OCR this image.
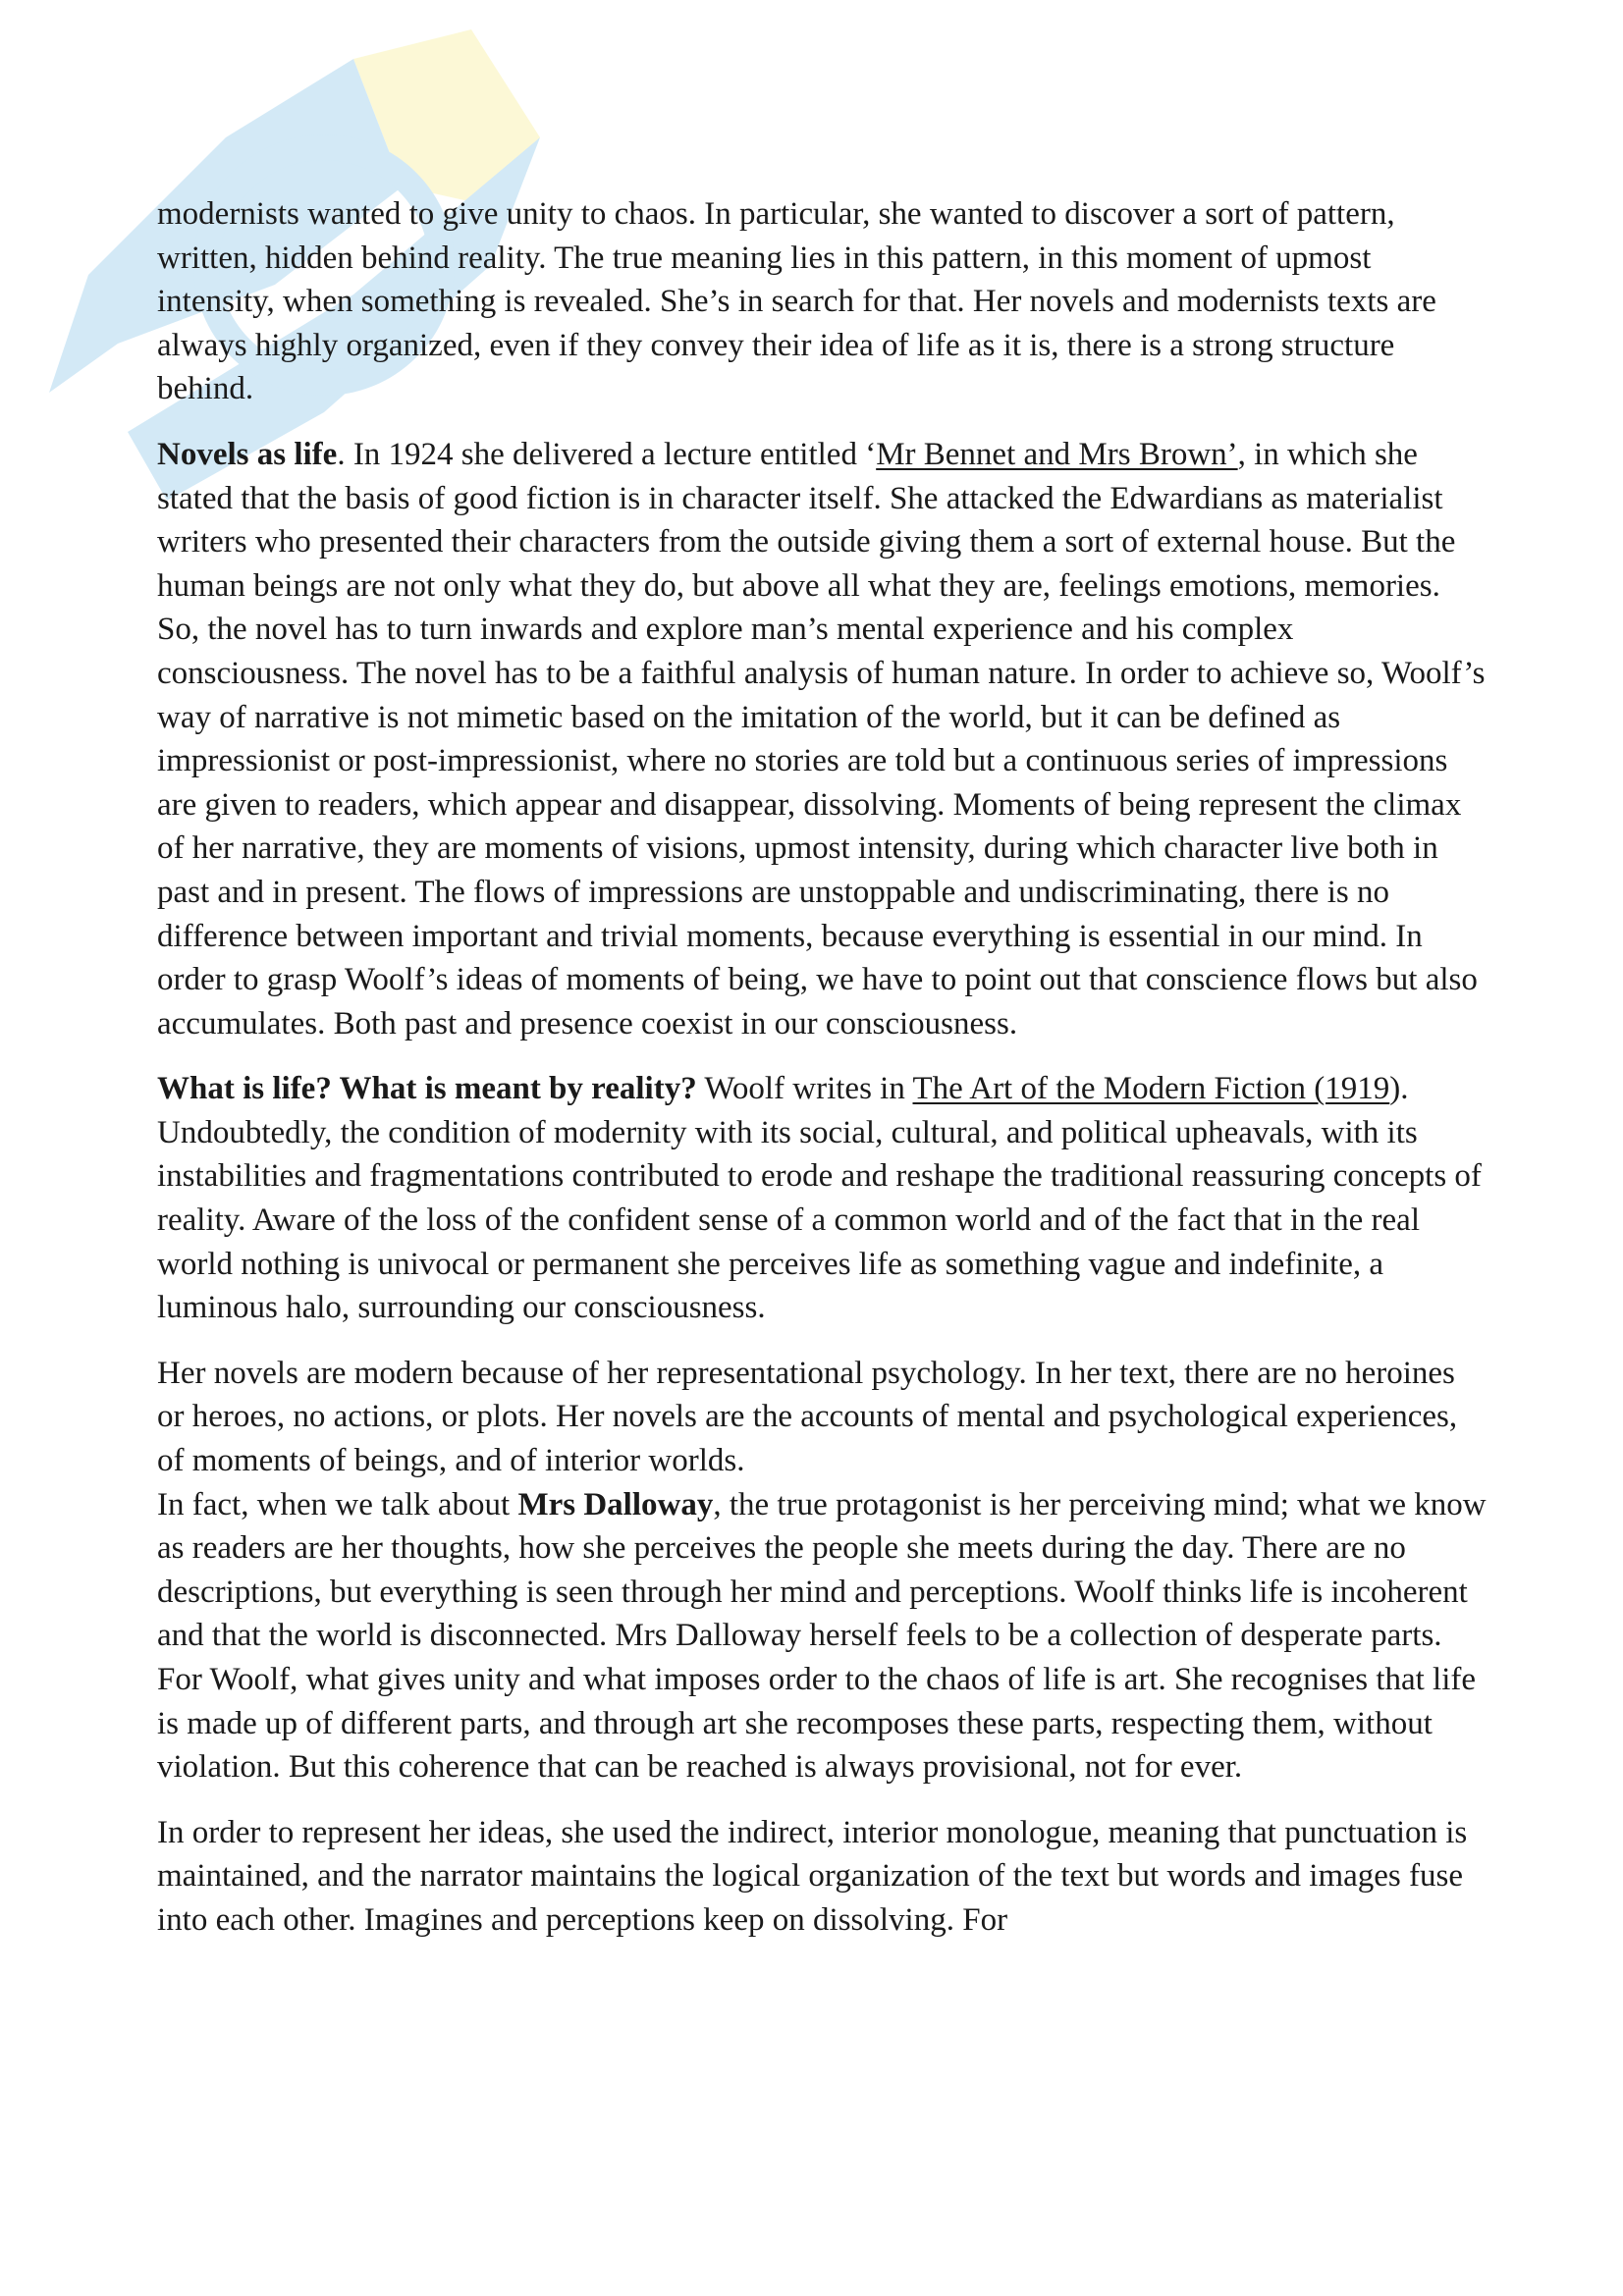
modernists wanted to give unity to chaos. In particular, she wanted to discover a sort of pattern, written, hidden behind reality. The true meaning lies in this pattern, in this moment of upmost intensity, when something is revealed. She’s in search for that. Her novels and modernists texts are always highly organized, even if they convey their idea of life as it is, there is a strong structure behind.

Novels as life. In 1924 she delivered a lecture entitled ‘Mr Bennet and Mrs Brown’, in which she stated that the basis of good fiction is in character itself. She attacked the Edwardians as materialist writers who presented their characters from the outside giving them a sort of external house. But the human beings are not only what they do, but above all what they are, feelings emotions, memories. So, the novel has to turn inwards and explore man’s mental experience and his complex consciousness. The novel has to be a faithful analysis of human nature. In order to achieve so, Woolf’s way of narrative is not mimetic based on the imitation of the world, but it can be defined as impressionist or post-impressionist, where no stories are told but a continuous series of impressions are given to readers, which appear and disappear, dissolving. Moments of being represent the climax of her narrative, they are moments of visions, upmost intensity, during which character live both in past and in present. The flows of impressions are unstoppable and undiscriminating, there is no difference between important and trivial moments, because everything is essential in our mind. In order to grasp Woolf’s ideas of moments of being, we have to point out that conscience flows but also accumulates. Both past and presence coexist in our consciousness.

What is life? What is meant by reality? Woolf writes in The Art of the Modern Fiction (1919). Undoubtedly, the condition of modernity with its social, cultural, and political upheavals, with its instabilities and fragmentations contributed to erode and reshape the traditional reassuring concepts of reality. Aware of the loss of the confident sense of a common world and of the fact that in the real world nothing is univocal or permanent she perceives life as something vague and indefinite, a luminous halo, surrounding our consciousness.

Her novels are modern because of her representational psychology. In her text, there are no heroines or heroes, no actions, or plots. Her novels are the accounts of mental and psychological experiences, of moments of beings, and of interior worlds.

In fact, when we talk about Mrs Dalloway, the true protagonist is her perceiving mind; what we know as readers are her thoughts, how she perceives the people she meets during the day. There are no descriptions, but everything is seen through her mind and perceptions. Woolf thinks life is incoherent and that the world is disconnected. Mrs Dalloway herself feels to be a collection of desperate parts. For Woolf, what gives unity and what imposes order to the chaos of life is art. She recognises that life is made up of different parts, and through art she recomposes these parts, respecting them, without violation. But this coherence that can be reached is always provisional, not for ever.

In order to represent her ideas, she used the indirect, interior monologue, meaning that punctuation is maintained, and the narrator maintains the logical organization of the text but words and images fuse into each other. Imagines and perceptions keep on dissolving. For
